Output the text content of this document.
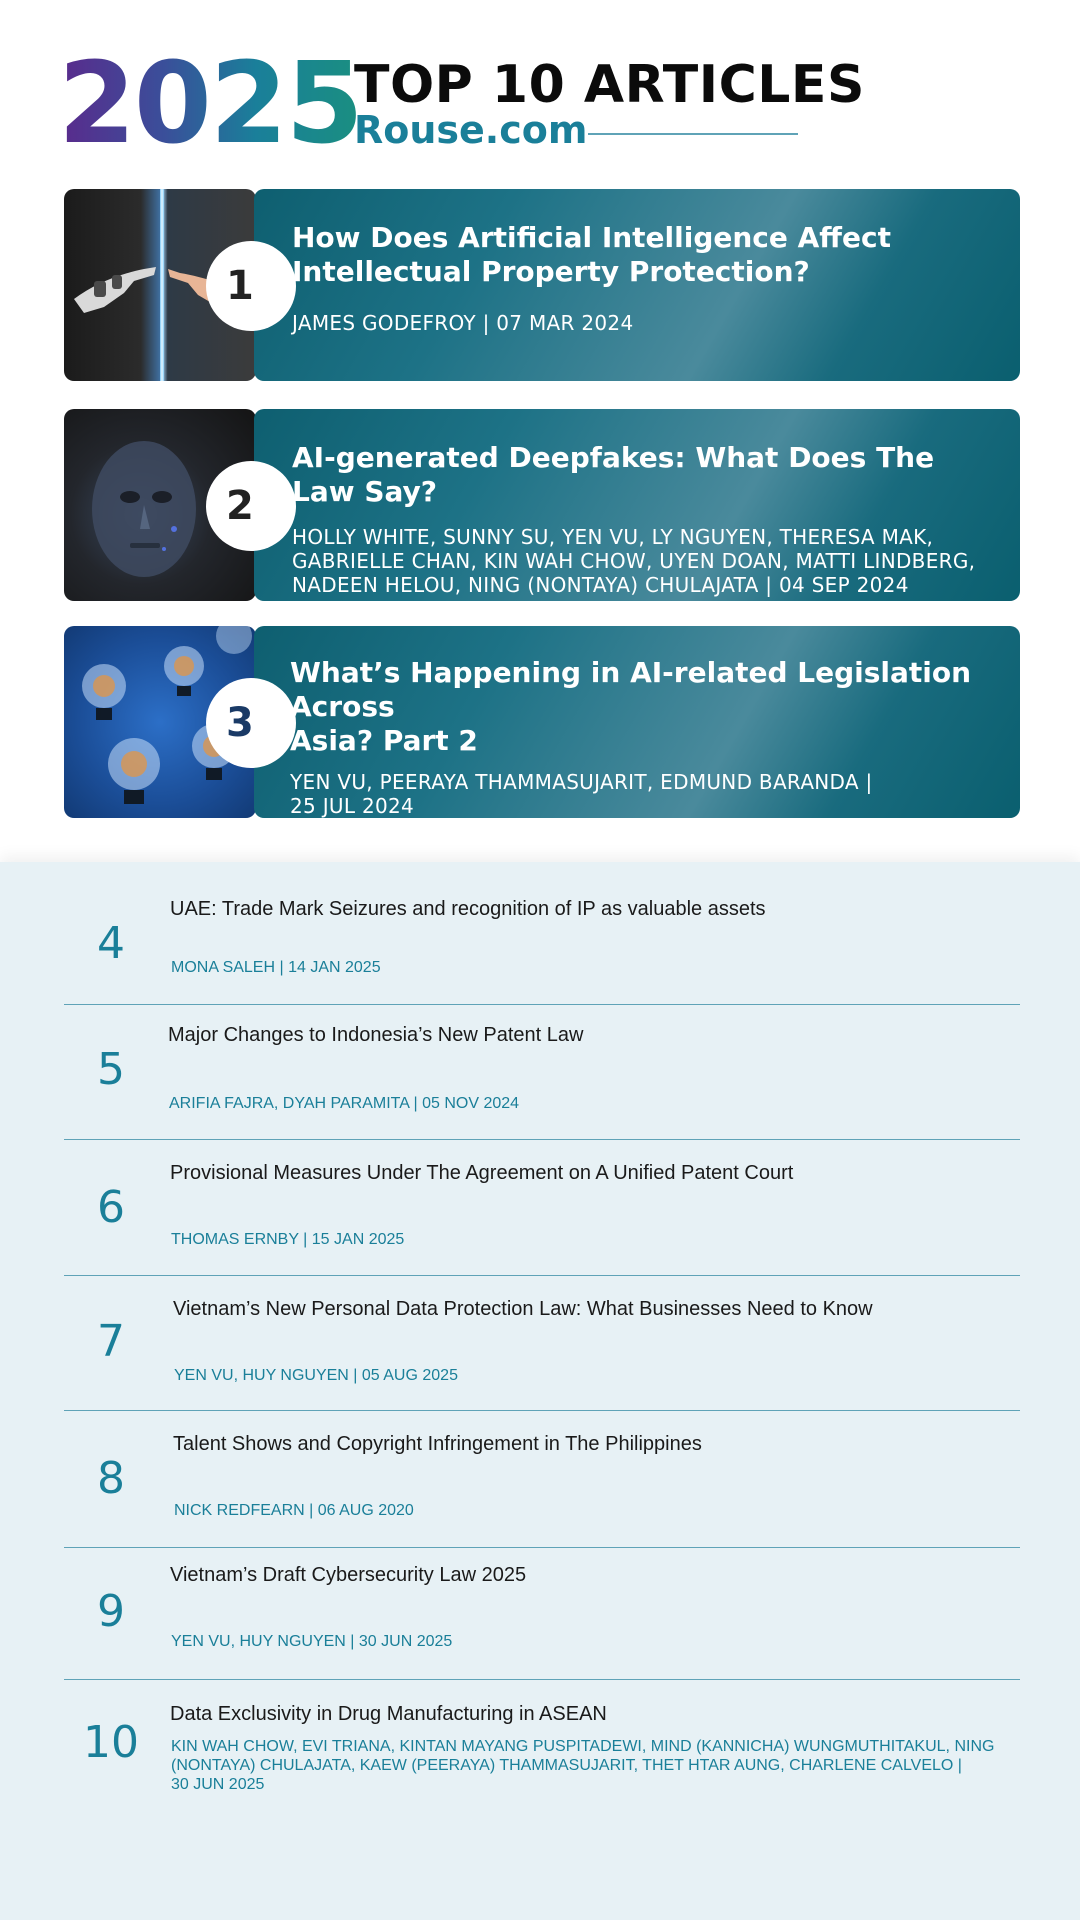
2025
TOP 10 ARTICLES
Rouse.com
1
How Does Artificial Intelligence Affect
Intellectual Property Protection?
JAMES GODEFROY | 07 MAR 2024
2
AI-generated Deepfakes: What Does The Law Say?
HOLLY WHITE, SUNNY SU, YEN VU, LY NGUYEN, THERESA MAK,
GABRIELLE CHAN, KIN WAH CHOW, UYEN DOAN, MATTI LINDBERG,
NADEEN HELOU, NING (NONTAYA) CHULAJATA | 04 SEP 2024
3
What’s Happening in AI-related Legislation Across
Asia? Part 2
YEN VU, PEERAYA THAMMASUJARIT, EDMUND BARANDA |
25 JUL 2024
4
UAE: Trade Mark Seizures and recognition of IP as valuable assets
MONA SALEH | 14 JAN 2025
5
Major Changes to Indonesia’s New Patent Law
ARIFIA FAJRA, DYAH PARAMITA | 05 NOV 2024
6
Provisional Measures Under The Agreement on A Unified Patent Court
THOMAS ERNBY | 15 JAN 2025
7
Vietnam’s New Personal Data Protection Law: What Businesses Need to Know
YEN VU, HUY NGUYEN | 05 AUG 2025
8
Talent Shows and Copyright Infringement in The Philippines
NICK REDFEARN | 06 AUG 2020
9
Vietnam’s Draft Cybersecurity Law 2025
YEN VU, HUY NGUYEN | 30 JUN 2025
10
Data Exclusivity in Drug Manufacturing in ASEAN
KIN WAH CHOW, EVI TRIANA, KINTAN MAYANG PUSPITADEWI, MIND (KANNICHA) WUNGMUTHITAKUL, NING
(NONTAYA) CHULAJATA, KAEW (PEERAYA) THAMMASUJARIT, THET HTAR AUNG, CHARLENE CALVELO |
30 JUN 2025
